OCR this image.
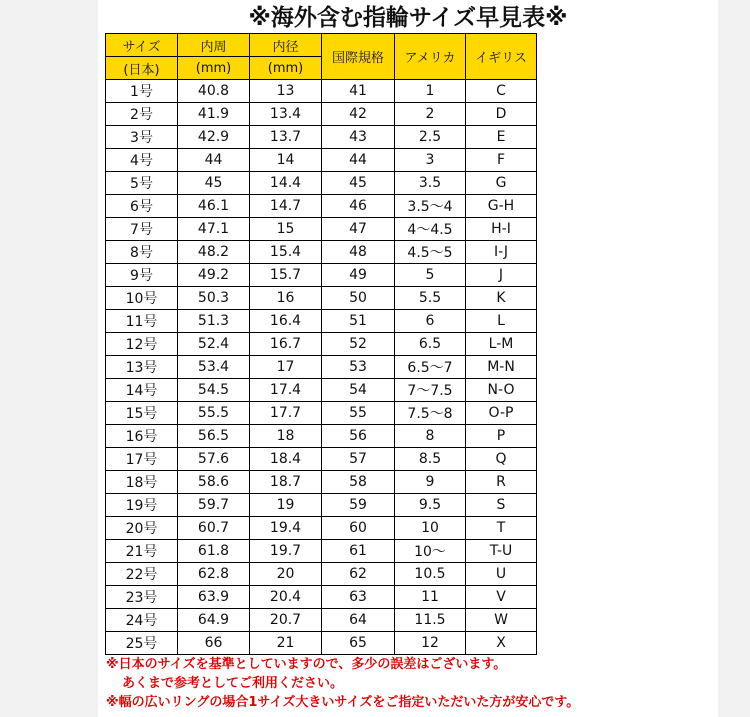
※海外含む指輪サイズ早見表※
サイズ	内周	内径	国際規格	アメリカ	イギリス
(日本)	(mm)	(mm)			
1号	40.8	13	41	1	C
2号	41.9	13.4	42	2	D
3号	42.9	13.7	43	2.5	E
4号	44	14	44	3	F
5号	45	14.4	45	3.5	G
6号	46.1	14.7	46	3.5〜4	G-H
7号	47.1	15	47	4〜4.5	H-I
8号	48.2	15.4	48	4.5〜5	I-J
9号	49.2	15.7	49	5	J
10号	50.3	16	50	5.5	K
11号	51.3	16.4	51	6	L
12号	52.4	16.7	52	6.5	L-M
13号	53.4	17	53	6.5〜7	M-N
14号	54.5	17.4	54	7〜7.5	N-O
15号	55.5	17.7	55	7.5〜8	O-P
16号	56.5	18	56	8	P
17号	57.6	18.4	57	8.5	Q
18号	58.6	18.7	58	9	R
19号	59.7	19	59	9.5	S
20号	60.7	19.4	60	10	T
21号	61.8	19.7	61	10〜	T-U
22号	62.8	20	62	10.5	U
23号	63.9	20.4	63	11	V
24号	64.9	20.7	64	11.5	W
25号	66	21	65	12	X
※日本のサイズを基準としていますので、多少の誤差はございます。
あくまで参考としてご利用ください。
※幅の広いリングの場合1サイズ大きいサイズをご指定いただいた方が安心です。
